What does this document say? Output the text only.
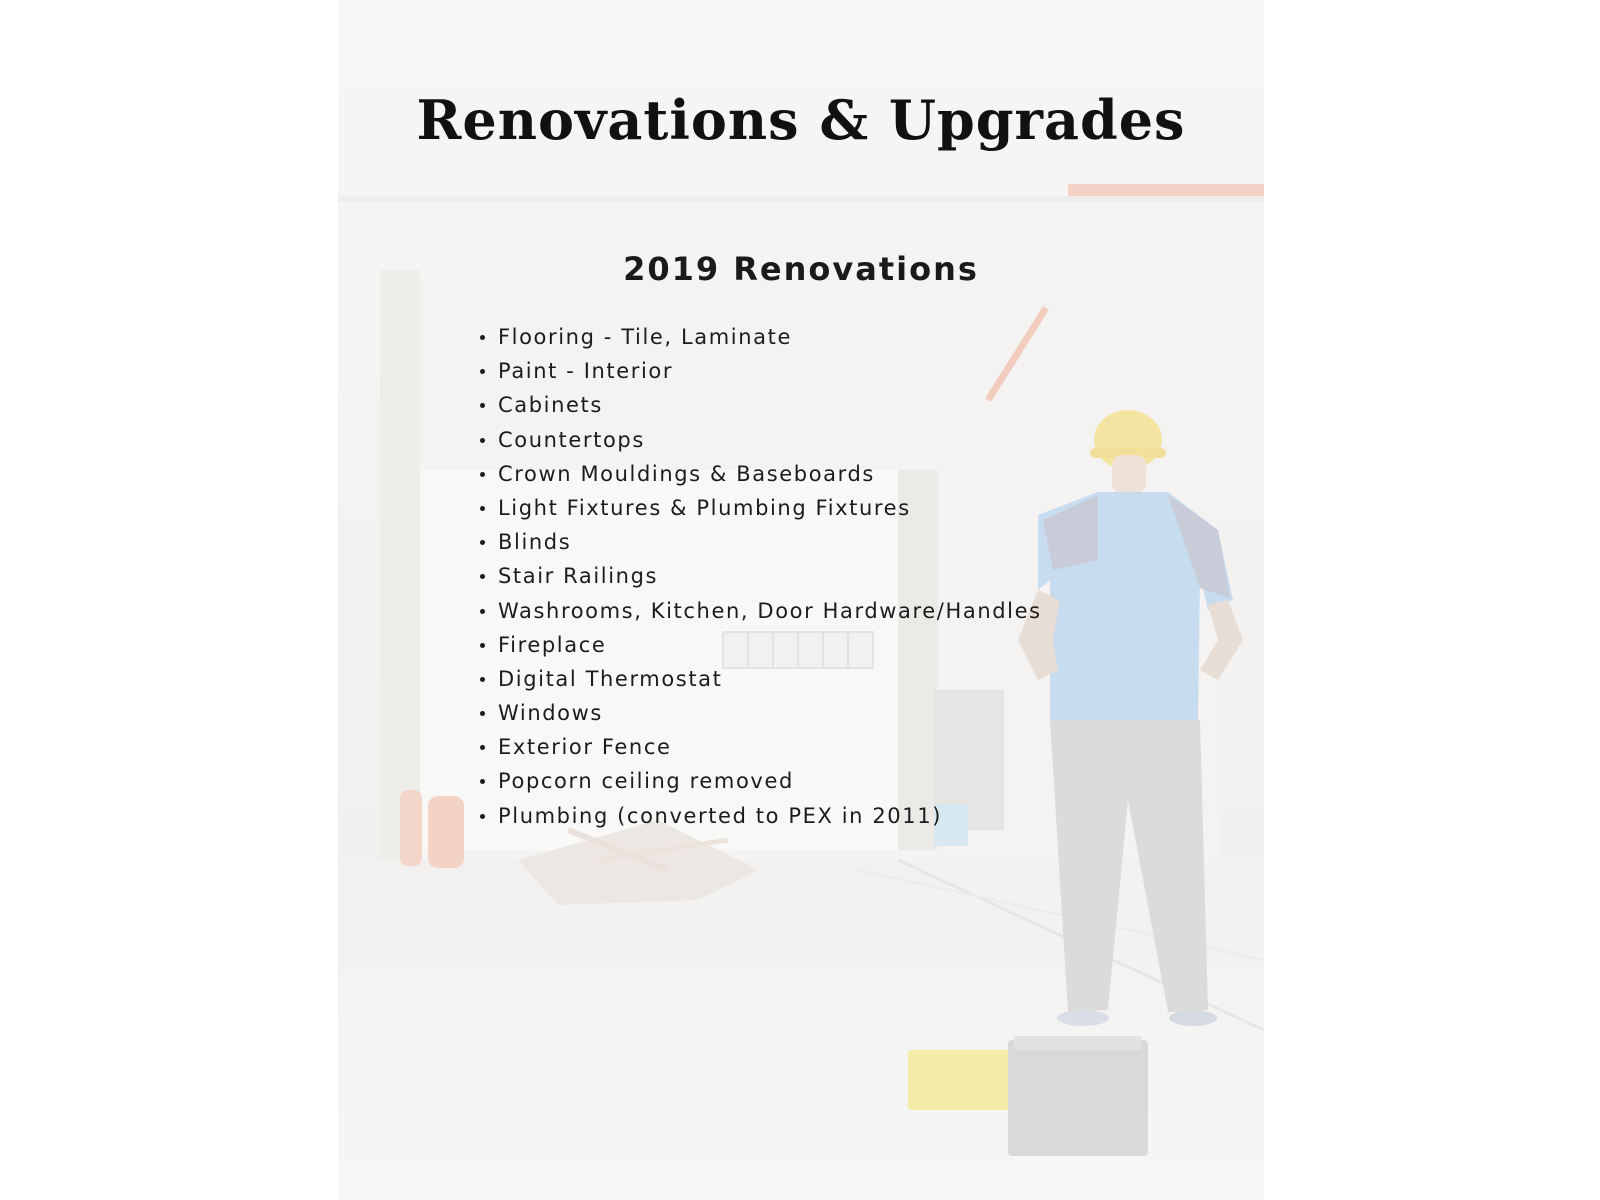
Renovations & Upgrades
2019 Renovations
Flooring - Tile, Laminate
Paint - Interior
Cabinets
Countertops
Crown Mouldings & Baseboards
Light Fixtures & Plumbing Fixtures
Blinds
Stair Railings
Washrooms, Kitchen, Door Hardware/Handles
Fireplace
Digital Thermostat
Windows
Exterior Fence
Popcorn ceiling removed
Plumbing (converted to PEX in 2011)
